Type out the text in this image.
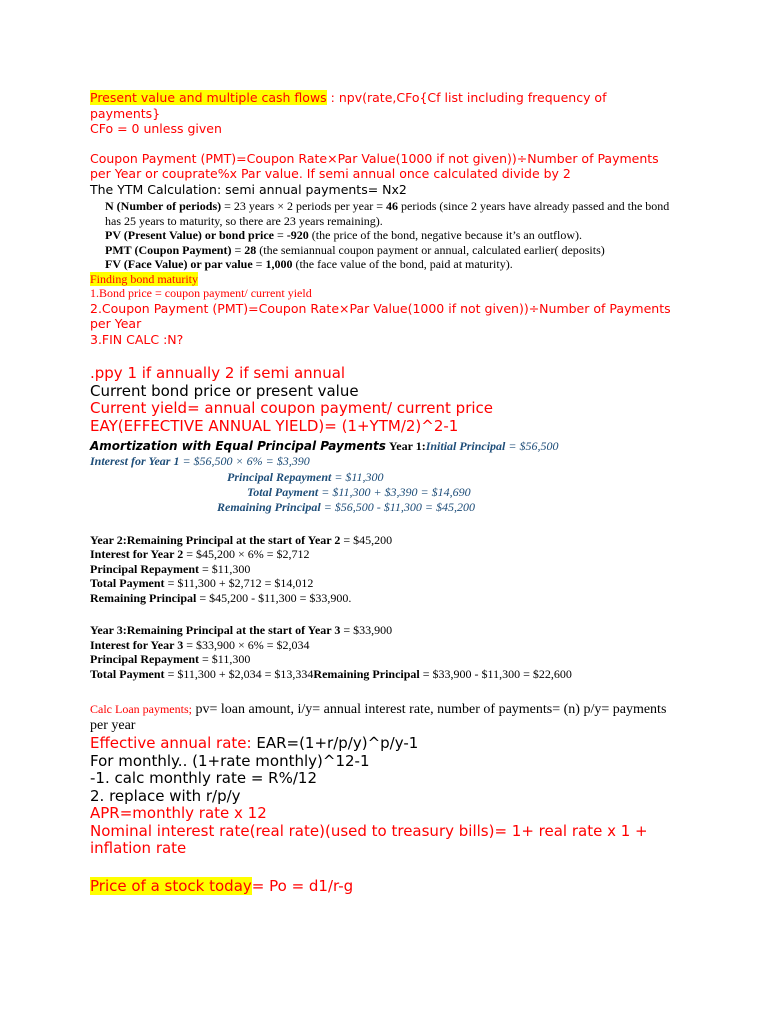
Present value and multiple cash flows : npv(rate,CFo{Cf list including frequency of payments}
CFo = 0 unless given
Coupon Payment (PMT)=Coupon Rate×Par Value(1000 if not given))÷Number of Payments per Year or couprate%x Par value. If semi annual once calculated divide by 2
The YTM Calculation: semi annual payments= Nx2
N (Number of periods) = 23 years × 2 periods per year = 46 periods (since 2 years have already passed and the bond has 25 years to maturity, so there are 23 years remaining).
PV (Present Value) or bond price = -920 (the price of the bond, negative because it’s an outflow).
PMT (Coupon Payment) = 28 (the semiannual coupon payment or annual, calculated earlier( deposits)
FV (Face Value) or par value = 1,000 (the face value of the bond, paid at maturity).
Finding bond maturity
1.Bond price = coupon payment/ current yield
2.Coupon Payment (PMT)=Coupon Rate×Par Value(1000 if not given))÷Number of Payments per Year
3.FIN CALC :N?
.ppy 1 if annually 2 if semi annual
Current bond price or present value
Current yield= annual coupon payment/ current price
EAY(EFFECTIVE ANNUAL YIELD)= (1+YTM/2)^2-1
Amortization with Equal Principal Payments Year 1:Initial Principal = $56,500
Interest for Year 1 = $56,500 × 6% = $3,390
Principal Repayment = $11,300
Total Payment = $11,300 + $3,390 = $14,690
Remaining Principal = $56,500 - $11,300 = $45,200
Year 2:Remaining Principal at the start of Year 2 = $45,200
Interest for Year 2 = $45,200 × 6% = $2,712
Principal Repayment = $11,300
Total Payment = $11,300 + $2,712 = $14,012
Remaining Principal = $45,200 - $11,300 = $33,900.
Year 3:Remaining Principal at the start of Year 3 = $33,900
Interest for Year 3 = $33,900 × 6% = $2,034
Principal Repayment = $11,300
Total Payment = $11,300 + $2,034 = $13,334Remaining Principal = $33,900 - $11,300 = $22,600
Calc Loan payments; pv= loan amount, i/y= annual interest rate, number of payments= (n) p/y= payments per year
Effective annual rate: EAR=(1+r/p/y)^p/y-1
For monthly.. (1+rate monthly)^12-1
-1. calc monthly rate = R%/12
2. replace with r/p/y
APR=monthly rate x 12
Nominal interest rate(real rate)(used to treasury bills)= 1+ real rate x 1 + inflation rate
Price of a stock today= Po = d1/r-g
